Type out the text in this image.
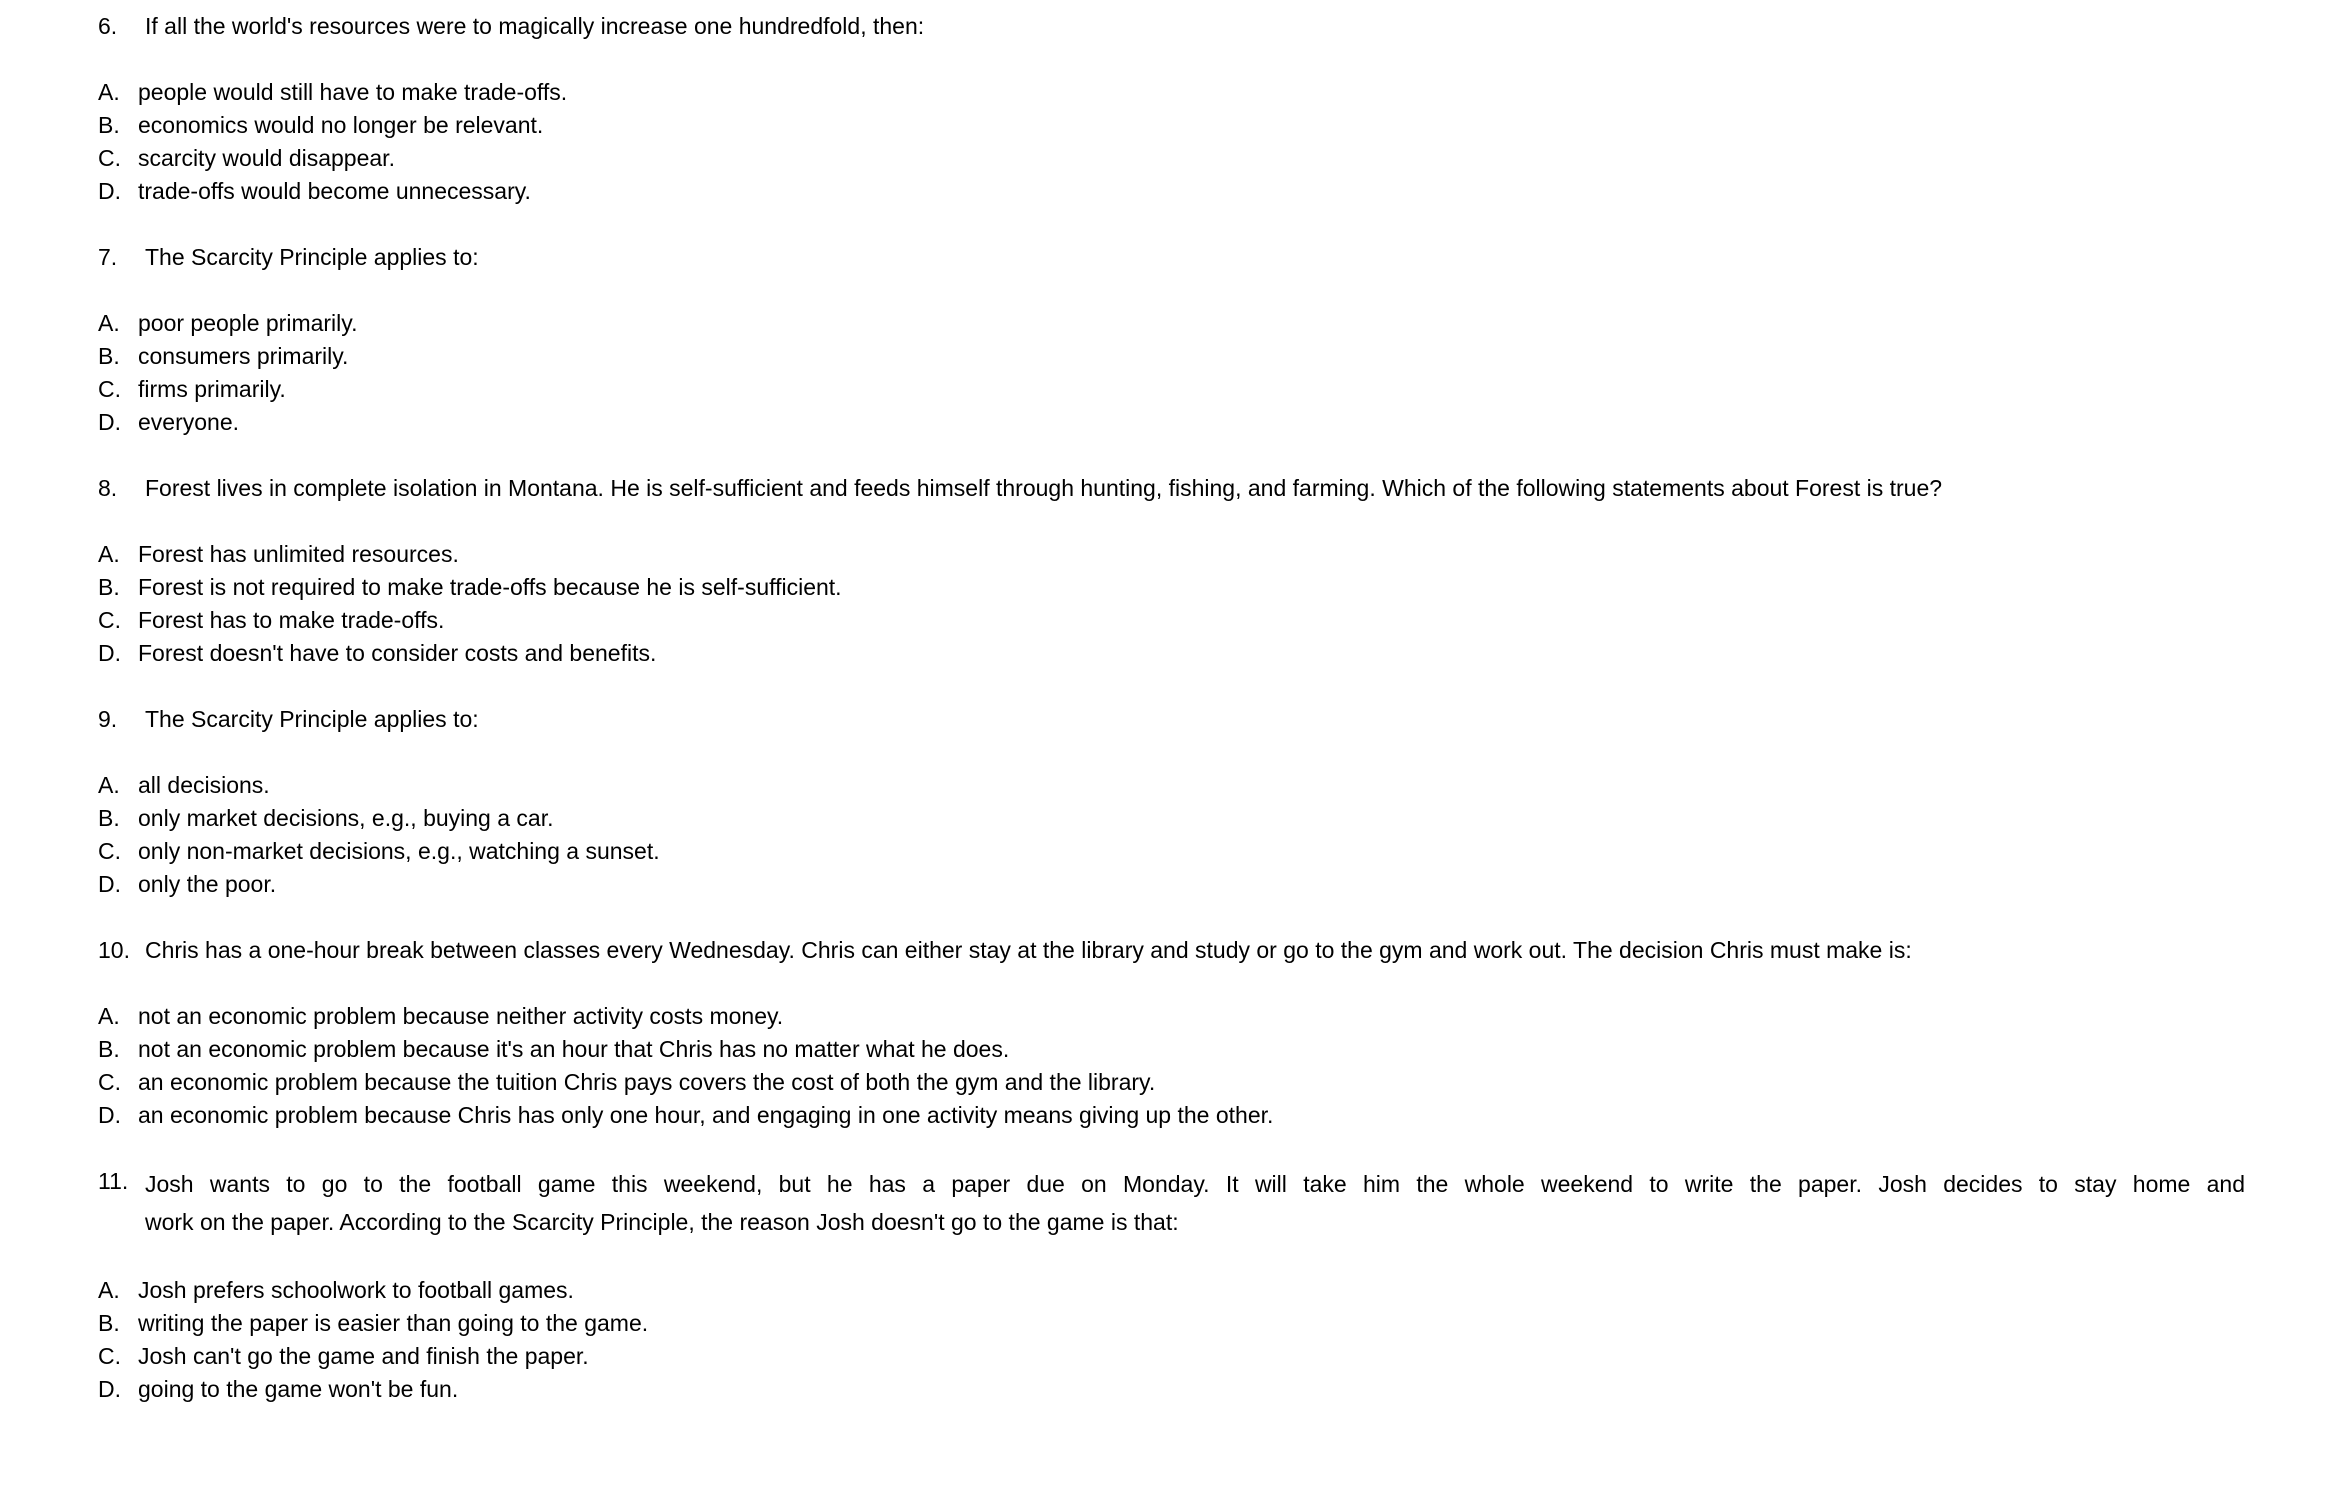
6.	If all the world's resources were to magically increase one hundredfold, then:
A. people would still have to make trade-offs.
B. economics would no longer be relevant.
C. scarcity would disappear.
D. trade-offs would become unnecessary.
7.	The Scarcity Principle applies to:
A. poor people primarily.
B. consumers primarily.
C. firms primarily.
D. everyone.
8.	Forest lives in complete isolation in Montana. He is self-sufficient and feeds himself through hunting, fishing, and farming. Which of the following statements about Forest is true?
A. Forest has unlimited resources.
B. Forest is not required to make trade-offs because he is self-sufficient.
C. Forest has to make trade-offs.
D. Forest doesn't have to consider costs and benefits.
9.	The Scarcity Principle applies to:
A. all decisions.
B. only market decisions, e.g., buying a car.
C. only non-market decisions, e.g., watching a sunset.
D. only the poor.
10. Chris has a one-hour break between classes every Wednesday. Chris can either stay at the library and study or go to the gym and work out. The decision Chris must make is:
A. not an economic problem because neither activity costs money.
B. not an economic problem because it's an hour that Chris has no matter what he does.
C. an economic problem because the tuition Chris pays covers the cost of both the gym and the library.
D. an economic problem because Chris has only one hour, and engaging in one activity means giving up the other.
11. Josh wants to go to the football game this weekend, but he has a paper due on Monday. It will take him the whole weekend to write the paper. Josh decides to stay home and
work on the paper. According to the Scarcity Principle, the reason Josh doesn't go to the game is that:
A. Josh prefers schoolwork to football games.
B. writing the paper is easier than going to the game.
C. Josh can't go the game and finish the paper.
D. going to the game won't be fun.
